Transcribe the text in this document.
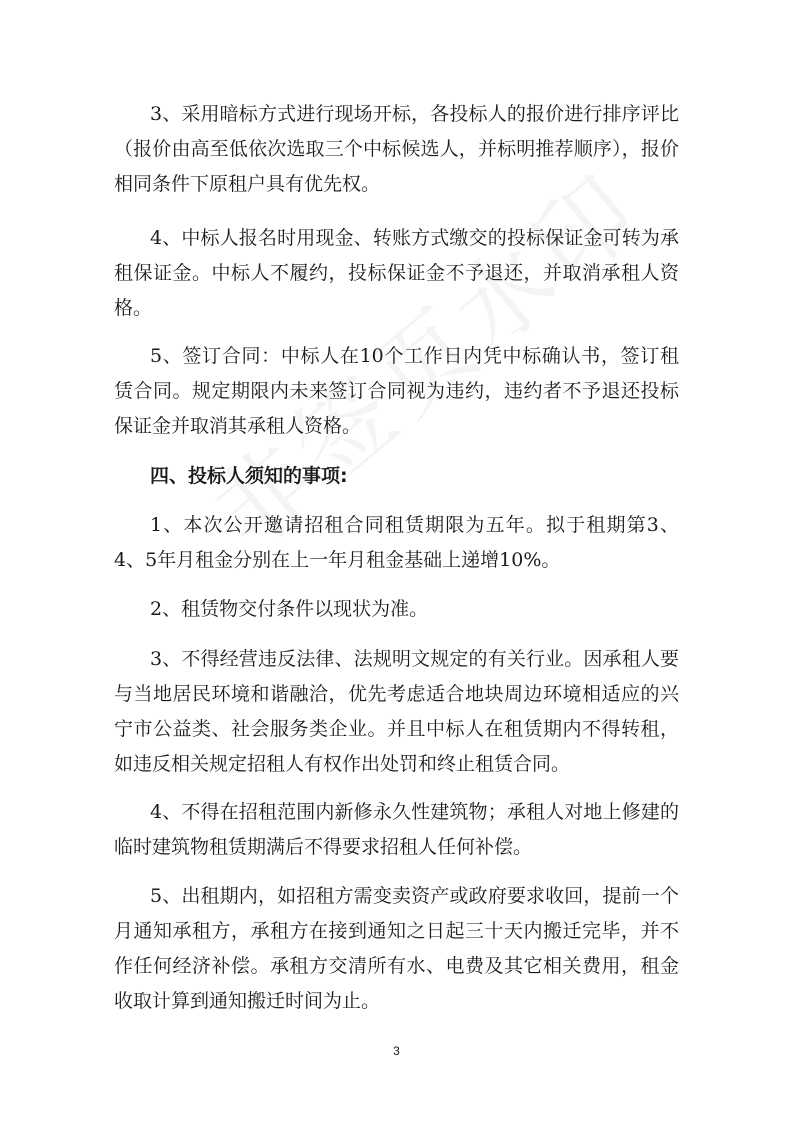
3、采用暗标方式进行现场开标，各投标人的报价进行排序评比（报价由高至低依次选取三个中标候选人，并标明推荐顺序），报价相同条件下原租户具有优先权。

4、中标人报名时用现金、转账方式缴交的投标保证金可转为承租保证金。中标人不履约，投标保证金不予退还，并取消承租人资格。

5、签订合同：中标人在10个工作日内凭中标确认书，签订租赁合同。规定期限内未来签订合同视为违约，违约者不予退还投标保证金并取消其承租人资格。

四、投标人须知的事项:

1、本次公开邀请招租合同租赁期限为五年。拟于租期第3、4、5年月租金分别在上一年月租金基础上递增10%。

2、租赁物交付条件以现状为准。

3、不得经营违反法律、法规明文规定的有关行业。因承租人要与当地居民环境和谐融洽，优先考虑适合地块周边环境相适应的兴宁市公益类、社会服务类企业。并且中标人在租赁期内不得转租，如违反相关规定招租人有权作出处罚和终止租赁合同。

4、不得在招租范围内新修永久性建筑物；承租人对地上修建的临时建筑物租赁期满后不得要求招租人任何补偿。

5、出租期内，如招租方需变卖资产或政府要求收回，提前一个月通知承租方，承租方在接到通知之日起三十天内搬迁完毕，并不作任何经济补偿。承租方交清所有水、电费及其它相关费用，租金收取计算到通知搬迁时间为止。

3
